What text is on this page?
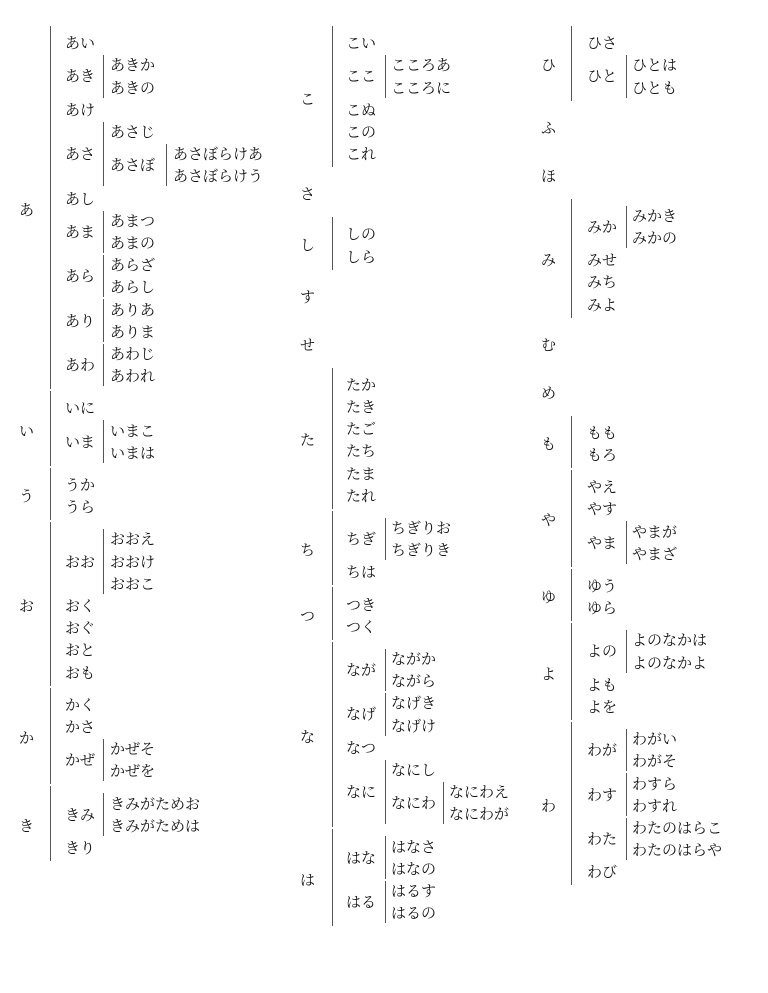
あ
あい
あき
あきか
あきの
あけ
あさ
あさじ
あさぼ
あさぼらけあ
あさぼらけう
あし
あま
あまつ
あまの
あら
あらざ
あらし
あり
ありあ
ありま
あわ
あわじ
あわれ
い
いに
いま
いまこ
いまは
う
うか
うら
お
おお
おおえ
おおけ
おおこ
おく
おぐ
おと
おも
か
かく
かさ
かぜ
かぜそ
かぜを
き
きみ
きみがためお
きみがためは
きり
こ
こい
ここ
こころあ
こころに
こぬ
この
これ
さ
し
しの
しら
す
せ
た
たか
たき
たご
たち
たま
たれ
ち
ちぎ
ちぎりお
ちぎりき
ちは
つ
つき
つく
な
なが
ながか
ながら
なげ
なげき
なげけ
なつ
なに
なにし
なにわ
なにわえ
なにわが
は
はな
はなさ
はなの
はる
はるす
はるの
ひ
ひさ
ひと
ひとは
ひとも
ふ
ほ
み
みか
みかき
みかの
みせ
みち
みよ
む
め
も
もも
もろ
や
やえ
やす
やま
やまが
やまざ
ゆ
ゆう
ゆら
よ
よの
よのなかは
よのなかよ
よも
よを
わ
わが
わがい
わがそ
わす
わすら
わすれ
わた
わたのはらこ
わたのはらや
わび
